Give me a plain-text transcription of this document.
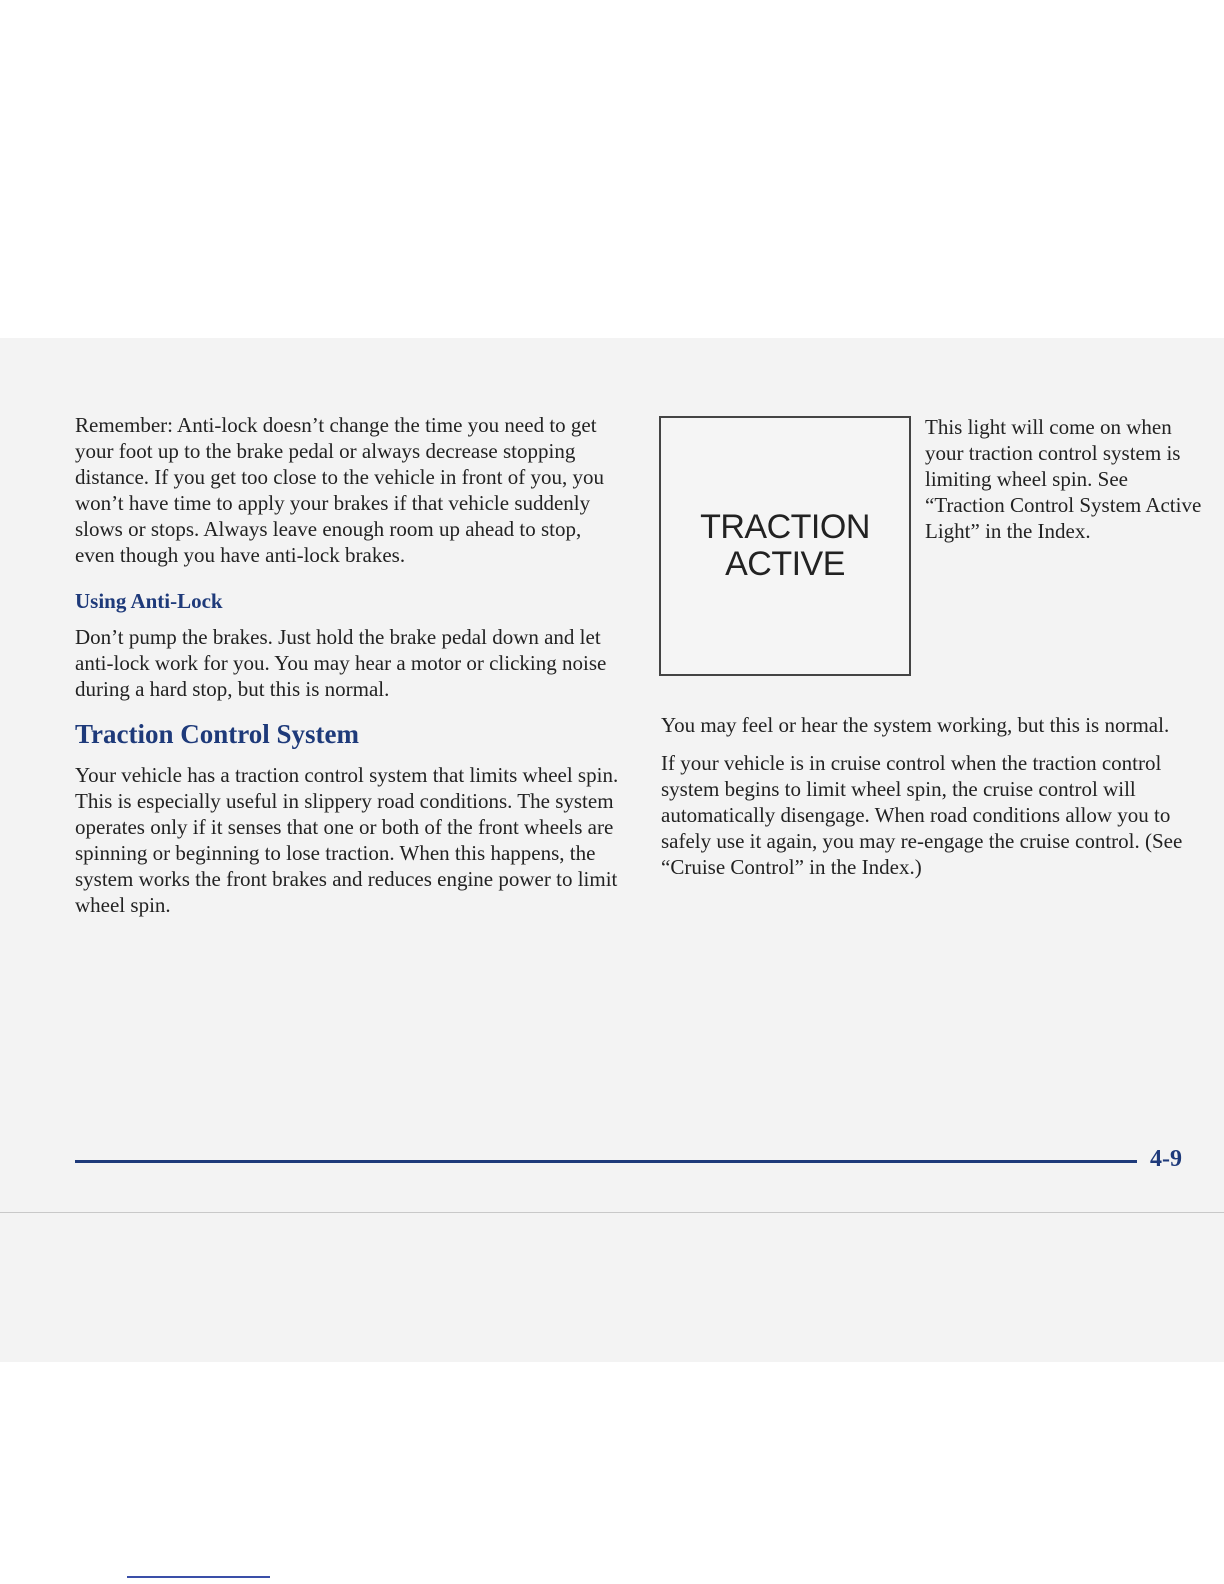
Remember: Anti-lock doesn’t change the time you need to get your foot up to the brake pedal or always decrease stopping distance. If you get too close to the vehicle in front of you, you won’t have time to apply your brakes if that vehicle suddenly slows or stops. Always leave enough room up ahead to stop, even though you have anti-lock brakes.

Using Anti-Lock

Don’t pump the brakes. Just hold the brake pedal down and let anti-lock work for you. You may hear a motor or clicking noise during a hard stop, but this is normal.

Traction Control System

Your vehicle has a traction control system that limits wheel spin. This is especially useful in slippery road conditions. The system operates only if it senses that one or both of the front wheels are spinning or beginning to lose traction. When this happens, the system works the front brakes and reduces engine power to limit wheel spin.

TRACTION
ACTIVE

This light will come on when your traction control system is limiting wheel spin. See “Traction Control System Active Light” in the Index.

You may feel or hear the system working, but this is normal.

If your vehicle is in cruise control when the traction control system begins to limit wheel spin, the cruise control will automatically disengage. When road conditions allow you to safely use it again, you may re-engage the cruise control. (See “Cruise Control” in the Index.)

4-9
